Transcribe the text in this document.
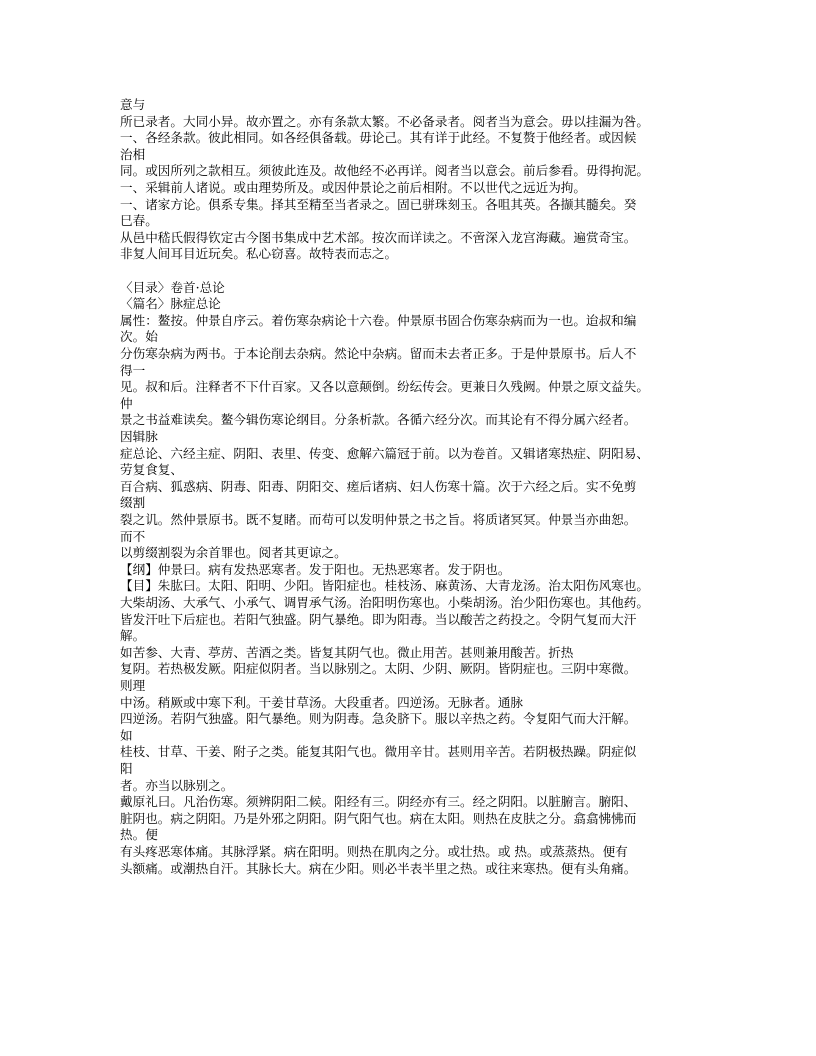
意与
所已录者。大同小异。故亦置之。亦有条款太繁。不必备录者。阅者当为意会。毋以挂漏为咎。
一、各经条款。彼此相同。如各经俱备载。毋论己。其有详于此经。不复赘于他经者。或因候
治相
同。或因所列之款相互。须彼此连及。故他经不必再详。阅者当以意会。前后参看。毋得拘泥。
一、采辑前人诸说。或由理势所及。或因仲景论之前后相附。不以世代之远近为拘。
一、诸家方论。俱系专集。择其至精至当者录之。固已骈珠刻玉。各咀其英。各撷其髓矣。癸
巳春。
从邑中嵇氏假得钦定古今图书集成中艺术部。按次而详读之。不啻深入龙宫海藏。遍赏奇宝。
非复人间耳目近玩矣。私心窃喜。故特表而志之。
〈目录〉卷首·总论
〈篇名〉脉症总论
属性：鳌按。仲景自序云。着伤寒杂病论十六卷。仲景原书固合伤寒杂病而为一也。迨叔和编
次。始
分伤寒杂病为两书。于本论削去杂病。然论中杂病。留而未去者正多。于是仲景原书。后人不
得一
见。叔和后。注释者不下什百家。又各以意颠倒。纷纭传会。更兼日久残阙。仲景之原文益失。
仲
景之书益难读矣。鳌今辑伤寒论纲目。分条析款。各循六经分次。而其论有不得分属六经者。
因辑脉
症总论、六经主症、阴阳、表里、传变、愈解六篇冠于前。以为卷首。又辑诸寒热症、阴阳易、
劳复食复、
百合病、狐惑病、阴毒、阳毒、阴阳交、瘥后诸病、妇人伤寒十篇。次于六经之后。实不免剪
缀割
裂之讥。然仲景原书。既不复睹。而苟可以发明仲景之书之旨。将质诸冥冥。仲景当亦曲恕。
而不
以剪缀割裂为余首罪也。阅者其更谅之。
【纲】仲景曰。病有发热恶寒者。发于阳也。无热恶寒者。发于阴也。
【目】朱肱曰。太阳、阳明、少阳。皆阳症也。桂枝汤、麻黄汤、大青龙汤。治太阳伤风寒也。
大柴胡汤、大承气、小承气、调胃承气汤。治阳明伤寒也。小柴胡汤。治少阳伤寒也。其他药。
皆发汗吐下后症也。若阳气独盛。阴气暴绝。即为阳毒。当以酸苦之药投之。令阴气复而大汗
解。
如苦参、大青、葶苈、苦酒之类。皆复其阴气也。微止用苦。甚则兼用酸苦。折热
复阴。若热极发厥。阳症似阴者。当以脉别之。太阴、少阴、厥阴。皆阴症也。三阴中寒微。
则理
中汤。稍厥或中寒下利。干姜甘草汤。大段重者。四逆汤。无脉者。通脉
四逆汤。若阴气独盛。阳气暴绝。则为阴毒。急灸脐下。服以辛热之药。令复阳气而大汗解。
如
桂枝、甘草、干姜、附子之类。能复其阳气也。微用辛甘。甚则用辛苦。若阴极热躁。阴症似
阳
者。亦当以脉别之。
戴原礼曰。凡治伤寒。须辨阴阳二候。阳经有三。阴经亦有三。经之阴阳。以脏腑言。腑阳、
脏阴也。病之阴阳。乃是外邪之阴阳。阴气阳气也。病在太阳。则热在皮肤之分。翕翕怫怫而
热。便
有头疼恶寒体痛。其脉浮紧。病在阳明。则热在肌肉之分。或壮热。或 热。或蒸蒸热。便有
头额痛。或潮热自汗。其脉长大。病在少阳。则必半表半里之热。或往来寒热。便有头角痛。
